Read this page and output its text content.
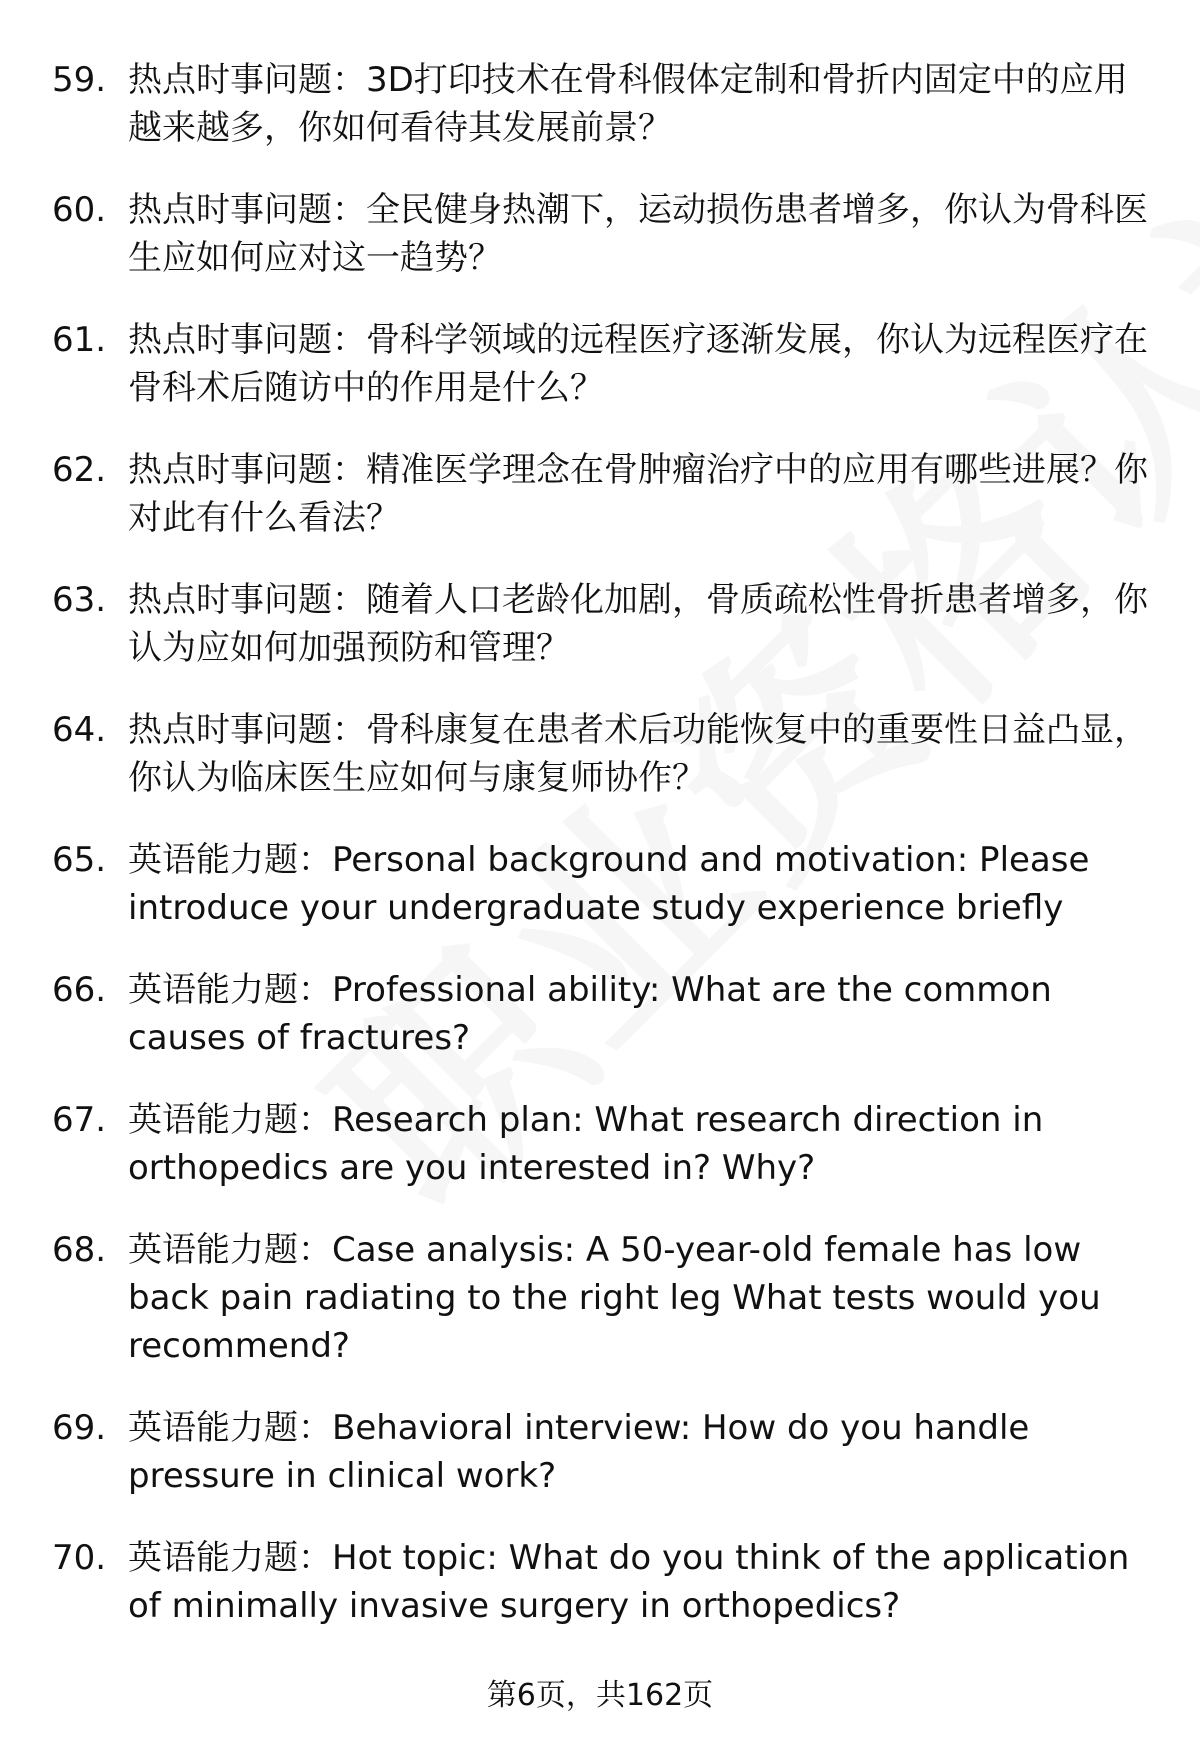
59. 热点时事问题：3D打印技术在骨科假体定制和骨折内固定中的应用越来越多，你如何看待其发展前景？
60. 热点时事问题：全民健身热潮下，运动损伤患者增多，你认为骨科医生应如何应对这一趋势？
61. 热点时事问题：骨科学领域的远程医疗逐渐发展，你认为远程医疗在骨科术后随访中的作用是什么？
62. 热点时事问题：精准医学理念在骨肿瘤治疗中的应用有哪些进展？你对此有什么看法？
63. 热点时事问题：随着人口老龄化加剧，骨质疏松性骨折患者增多，你认为应如何加强预防和管理？
64. 热点时事问题：骨科康复在患者术后功能恢复中的重要性日益凸显，你认为临床医生应如何与康复师协作？
65. 英语能力题：Personal background and motivation: Please introduce your undergraduate study experience briefly
66. 英语能力题：Professional ability: What are the common causes of fractures?
67. 英语能力题：Research plan: What research direction in orthopedics are you interested in? Why?
68. 英语能力题：Case analysis: A 50-year-old female has low back pain radiating to the right leg What tests would you recommend?
69. 英语能力题：Behavioral interview: How do you handle pressure in clinical work?
70. 英语能力题：Hot topic: What do you think of the application of minimally invasive surgery in orthopedics?
第6页，共162页
